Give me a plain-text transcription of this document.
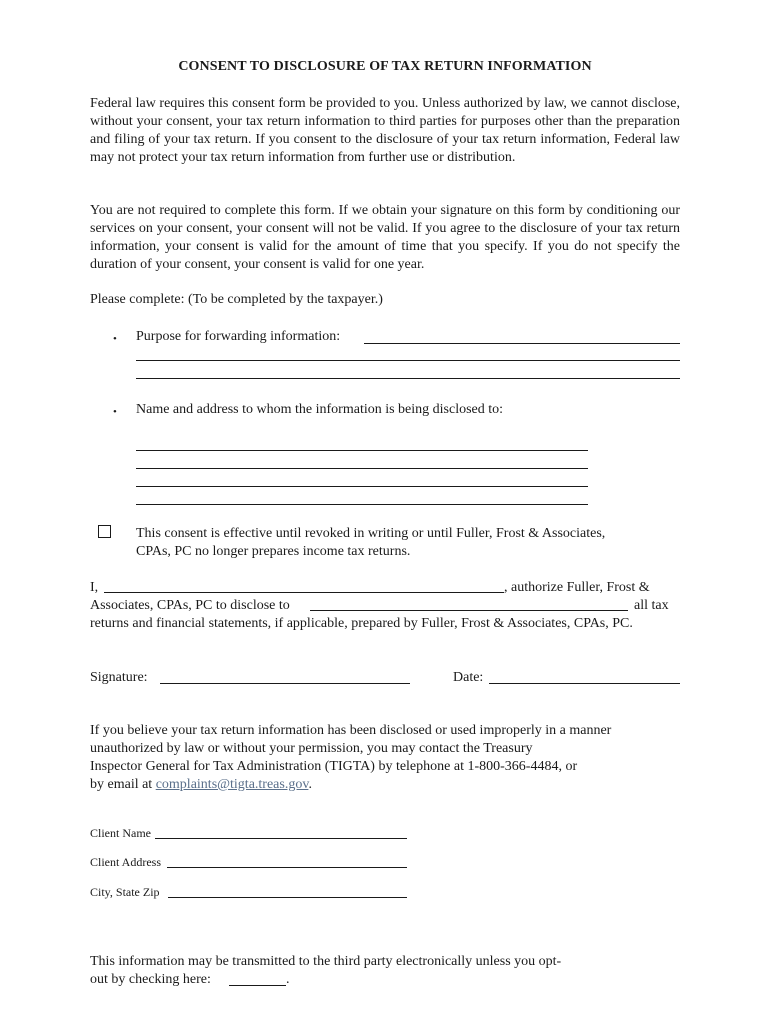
CONSENT TO DISCLOSURE OF TAX RETURN INFORMATION
Federal law requires this consent form be provided to you. Unless authorized by law, we cannot disclose, without your consent, your tax return information to third parties for purposes other than the preparation and filing of your tax return. If you consent to the disclosure of your tax return information, Federal law may not protect your tax return information from further use or distribution.
You are not required to complete this form. If we obtain your signature on this form by conditioning our services on your consent, your consent will not be valid. If you agree to the disclosure of your tax return information, your consent is valid for the amount of time that you specify. If you do not specify the duration of your consent, your consent is valid for one year.
Please complete: (To be completed by the taxpayer.)
• Purpose for forwarding information:
• Name and address to whom the information is being disclosed to:
This consent is effective until revoked in writing or until Fuller, Frost & Associates,
CPAs, PC no longer prepares income tax returns.
I,	, authorize Fuller, Frost &
Associates, CPAs, PC to disclose to	all tax
returns and financial statements, if applicable, prepared by Fuller, Frost & Associates, CPAs, PC.
Signature:	Date:
If you believe your tax return information has been disclosed or used improperly in a manner
unauthorized by law or without your permission, you may contact the Treasury
Inspector General for Tax Administration (TIGTA) by telephone at 1-800-366-4484, or
by email at complaints@tigta.treas.gov.
Client Name
Client Address
City, State Zip
This information may be transmitted to the third party electronically unless you opt-
out by checking here:	.
